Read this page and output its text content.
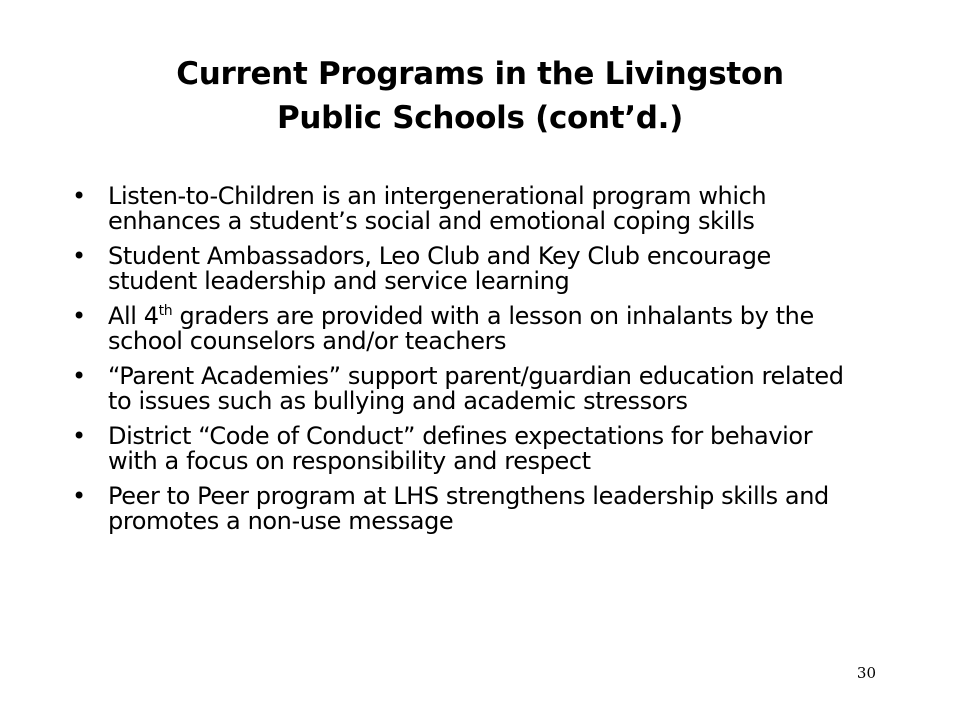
Current Programs in the Livingston
Public Schools (cont’d.)
• Listen-to-Children is an intergenerational program which enhances a student’s social and emotional coping skills
• Student Ambassadors, Leo Club and Key Club encourage student leadership and service learning
• All 4th graders are provided with a lesson on inhalants by the school counselors and/or teachers
• “Parent Academies” support parent/guardian education related to issues such as bullying and academic stressors
• District “Code of Conduct” defines expectations for behavior with a focus on responsibility and respect
• Peer to Peer program at LHS strengthens leadership skills and promotes a non-use message
30
